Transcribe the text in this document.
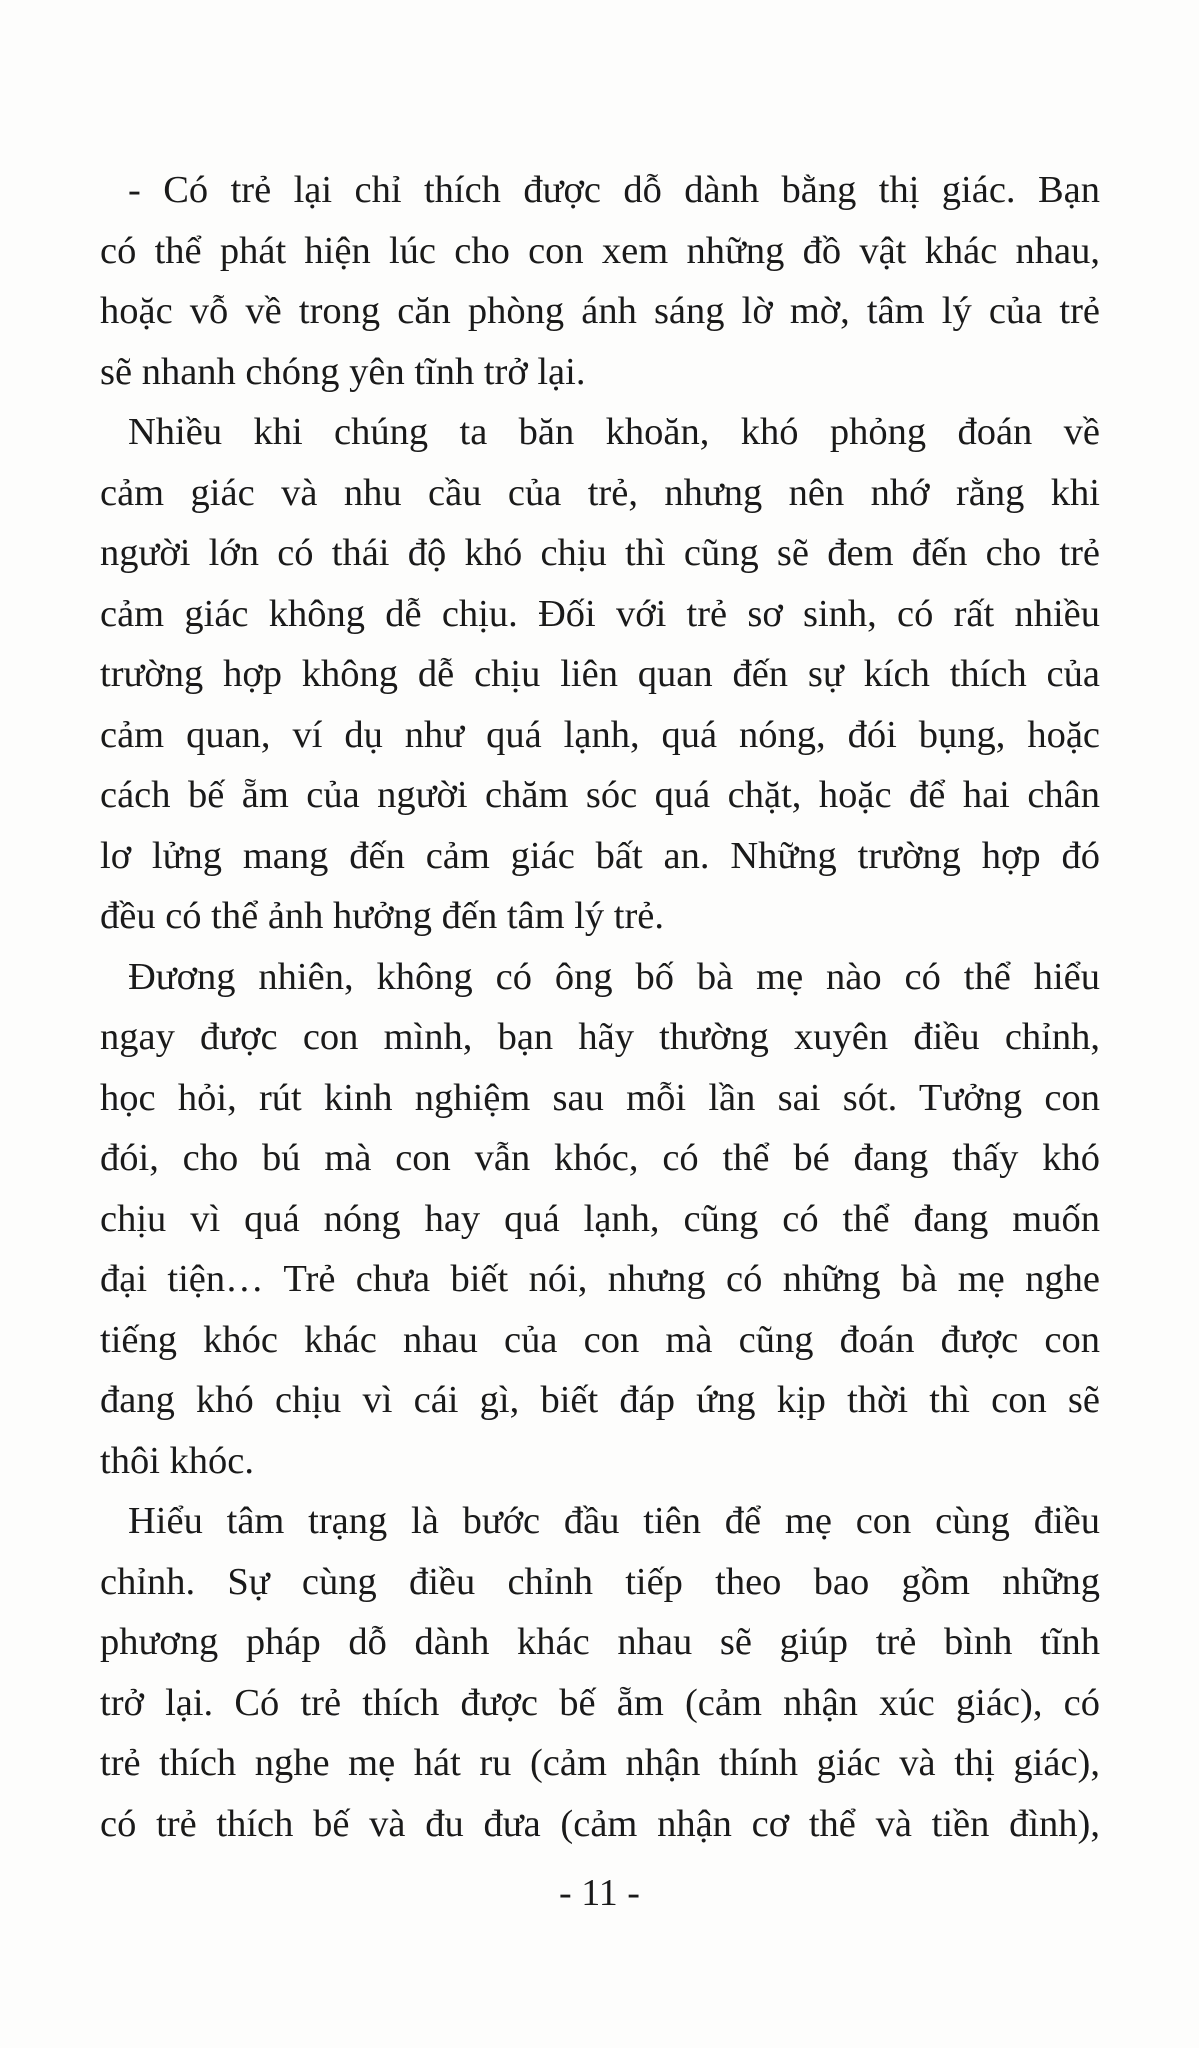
- Có trẻ lại chỉ thích được dỗ dành bằng thị giác. Bạn
có thể phát hiện lúc cho con xem những đồ vật khác nhau,
hoặc vỗ về trong căn phòng ánh sáng lờ mờ, tâm lý của trẻ
sẽ nhanh chóng yên tĩnh trở lại.
Nhiều khi chúng ta băn khoăn, khó phỏng đoán về
cảm giác và nhu cầu của trẻ, nhưng nên nhớ rằng khi
người lớn có thái độ khó chịu thì cũng sẽ đem đến cho trẻ
cảm giác không dễ chịu. Đối với trẻ sơ sinh, có rất nhiều
trường hợp không dễ chịu liên quan đến sự kích thích của
cảm quan, ví dụ như quá lạnh, quá nóng, đói bụng, hoặc
cách bế ẵm của người chăm sóc quá chặt, hoặc để hai chân
lơ lửng mang đến cảm giác bất an. Những trường hợp đó
đều có thể ảnh hưởng đến tâm lý trẻ.
Đương nhiên, không có ông bố bà mẹ nào có thể hiểu
ngay được con mình, bạn hãy thường xuyên điều chỉnh,
học hỏi, rút kinh nghiệm sau mỗi lần sai sót. Tưởng con
đói, cho bú mà con vẫn khóc, có thể bé đang thấy khó
chịu vì quá nóng hay quá lạnh, cũng có thể đang muốn
đại tiện… Trẻ chưa biết nói, nhưng có những bà mẹ nghe
tiếng khóc khác nhau của con mà cũng đoán được con
đang khó chịu vì cái gì, biết đáp ứng kịp thời thì con sẽ
thôi khóc.
Hiểu tâm trạng là bước đầu tiên để mẹ con cùng điều
chỉnh. Sự cùng điều chỉnh tiếp theo bao gồm những
phương pháp dỗ dành khác nhau sẽ giúp trẻ bình tĩnh
trở lại. Có trẻ thích được bế ẵm (cảm nhận xúc giác), có
trẻ thích nghe mẹ hát ru (cảm nhận thính giác và thị giác),
có trẻ thích bế và đu đưa (cảm nhận cơ thể và tiền đình),
- 11 -
